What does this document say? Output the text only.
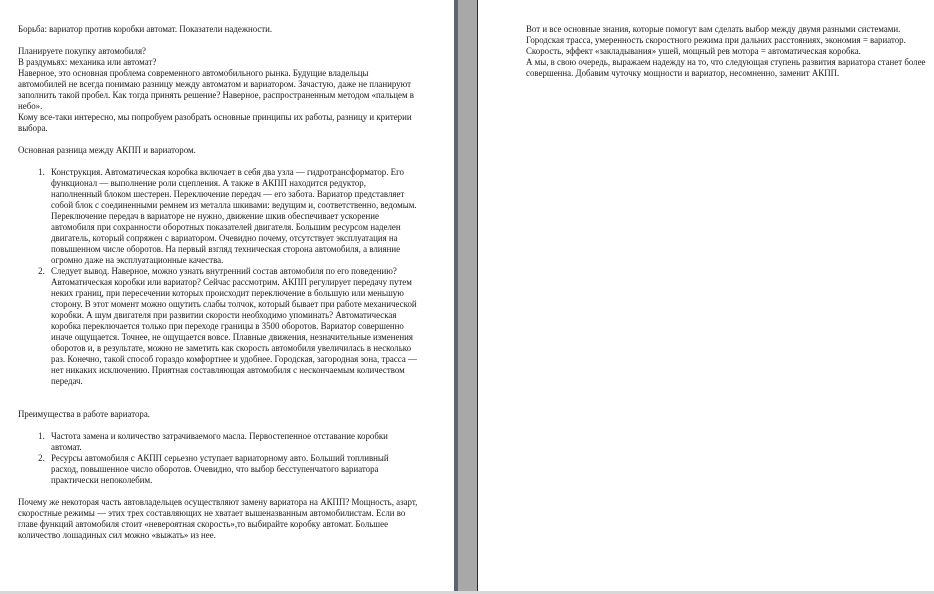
Борьба: вариатор против коробки автомат. Показатели надежности.

Планируете покупку автомобиля?

В раздумьях: механика или автомат?

Наверное, это основная проблема современного автомобильного рынка. Будущие владельцы автомобилей не всегда понимаю разницу между автоматом и вариатором. Зачастую, даже не планируют заполнить такой пробел. Как тогда принять решение? Наверное, распространенным методом «пальцем в небо».

Кому все-таки интересно, мы попробуем разобрать основные принципы их работы, разницу и критерии выбора.

Основная разница между АКПП и вариатором.

1. Конструкция. Автоматическая коробка включает в себя два узла — гидротрансформатор. Его функционал — выполнение роли сцепления. А также в АКПП находится редуктор, наполненный блоком шестерен. Переключение передач — его забота. Вариатор представляет собой блок с соединенными ремнем из металла шкивами: ведущим и, соответственно, ведомым. Переключение передач в вариаторе не нужно, движение шкив обеспечивает ускорение автомобиля при сохранности оборотных показателей двигателя. Большим ресурсом наделен двигатель, который сопряжен с вариатором. Очевидно почему, отсутствует эксплуатация на повышенном числе оборотов. На первый взгляд техническая сторона автомобиля, а влияние огромно даже на эксплуатационные качества.
2. Следует вывод. Наверное, можно узнать внутренний состав автомобиля по его поведению? Автоматическая коробки или вариатор? Сейчас рассмотрим. АКПП регулирует передачу путем неких границ, при пересечении которых происходит переключение в большую или меньшую сторону. В этот момент можно ощутить слабы толчок, который бывает при работе механической коробки. А шум двигателя при развитии скорости необходимо упоминать? Автоматическая коробка переключается только при переходе границы в 3500 оборотов. Вариатор совершенно иначе ощущается. Точнее, не ощущается вовсе. Плавные движения, незначительные изменения оборотов и, в результате, можно не заметить как скорость автомобиля увеличилась в несколько раз. Конечно, такой способ гораздо комфортнее и удобнее. Городская, загородная зона, трасса — нет никаких исключению. Приятная составляющая автомобиля с нескончаемым количеством передач.

Преимущества в работе вариатора.

1. Частота замена и количество затрачиваемого масла. Первостепенное отставание коробки автомат.
2. Ресурсы автомобиля с АКПП серьезно уступает вариаторному авто. Больший топливный расход, повышенное число оборотов. Очевидно, что выбор бесступенчатого вариатора практически непоколебим.

Почему же некоторая часть автовладельцев осуществляют замену вариатора на АКПП? Мощность, азарт, скоростные режимы — этих трех составляющих не хватает вышеназванным автомобилистам. Если во главе функций автомобиля стоит «невероятная скорость»,то выбирайте коробку автомат. Большее количество лошадиных сил можно «выжать» из нее.

Вот и все основные знания, которые помогут вам сделать выбор между двумя разными системами.

Городская трасса, умеренность скоростного режима при дальних расстояниях, экономия = вариатор.

Скорость, эффект «закладывания» ушей, мощный рев мотора = автоматическая коробка.

А мы, в свою очередь, выражаем надежду на то, что следующая ступень развития вариатора станет более совершенна. Добавим чуточку мощности и вариатор, несомненно, заменит АКПП.
